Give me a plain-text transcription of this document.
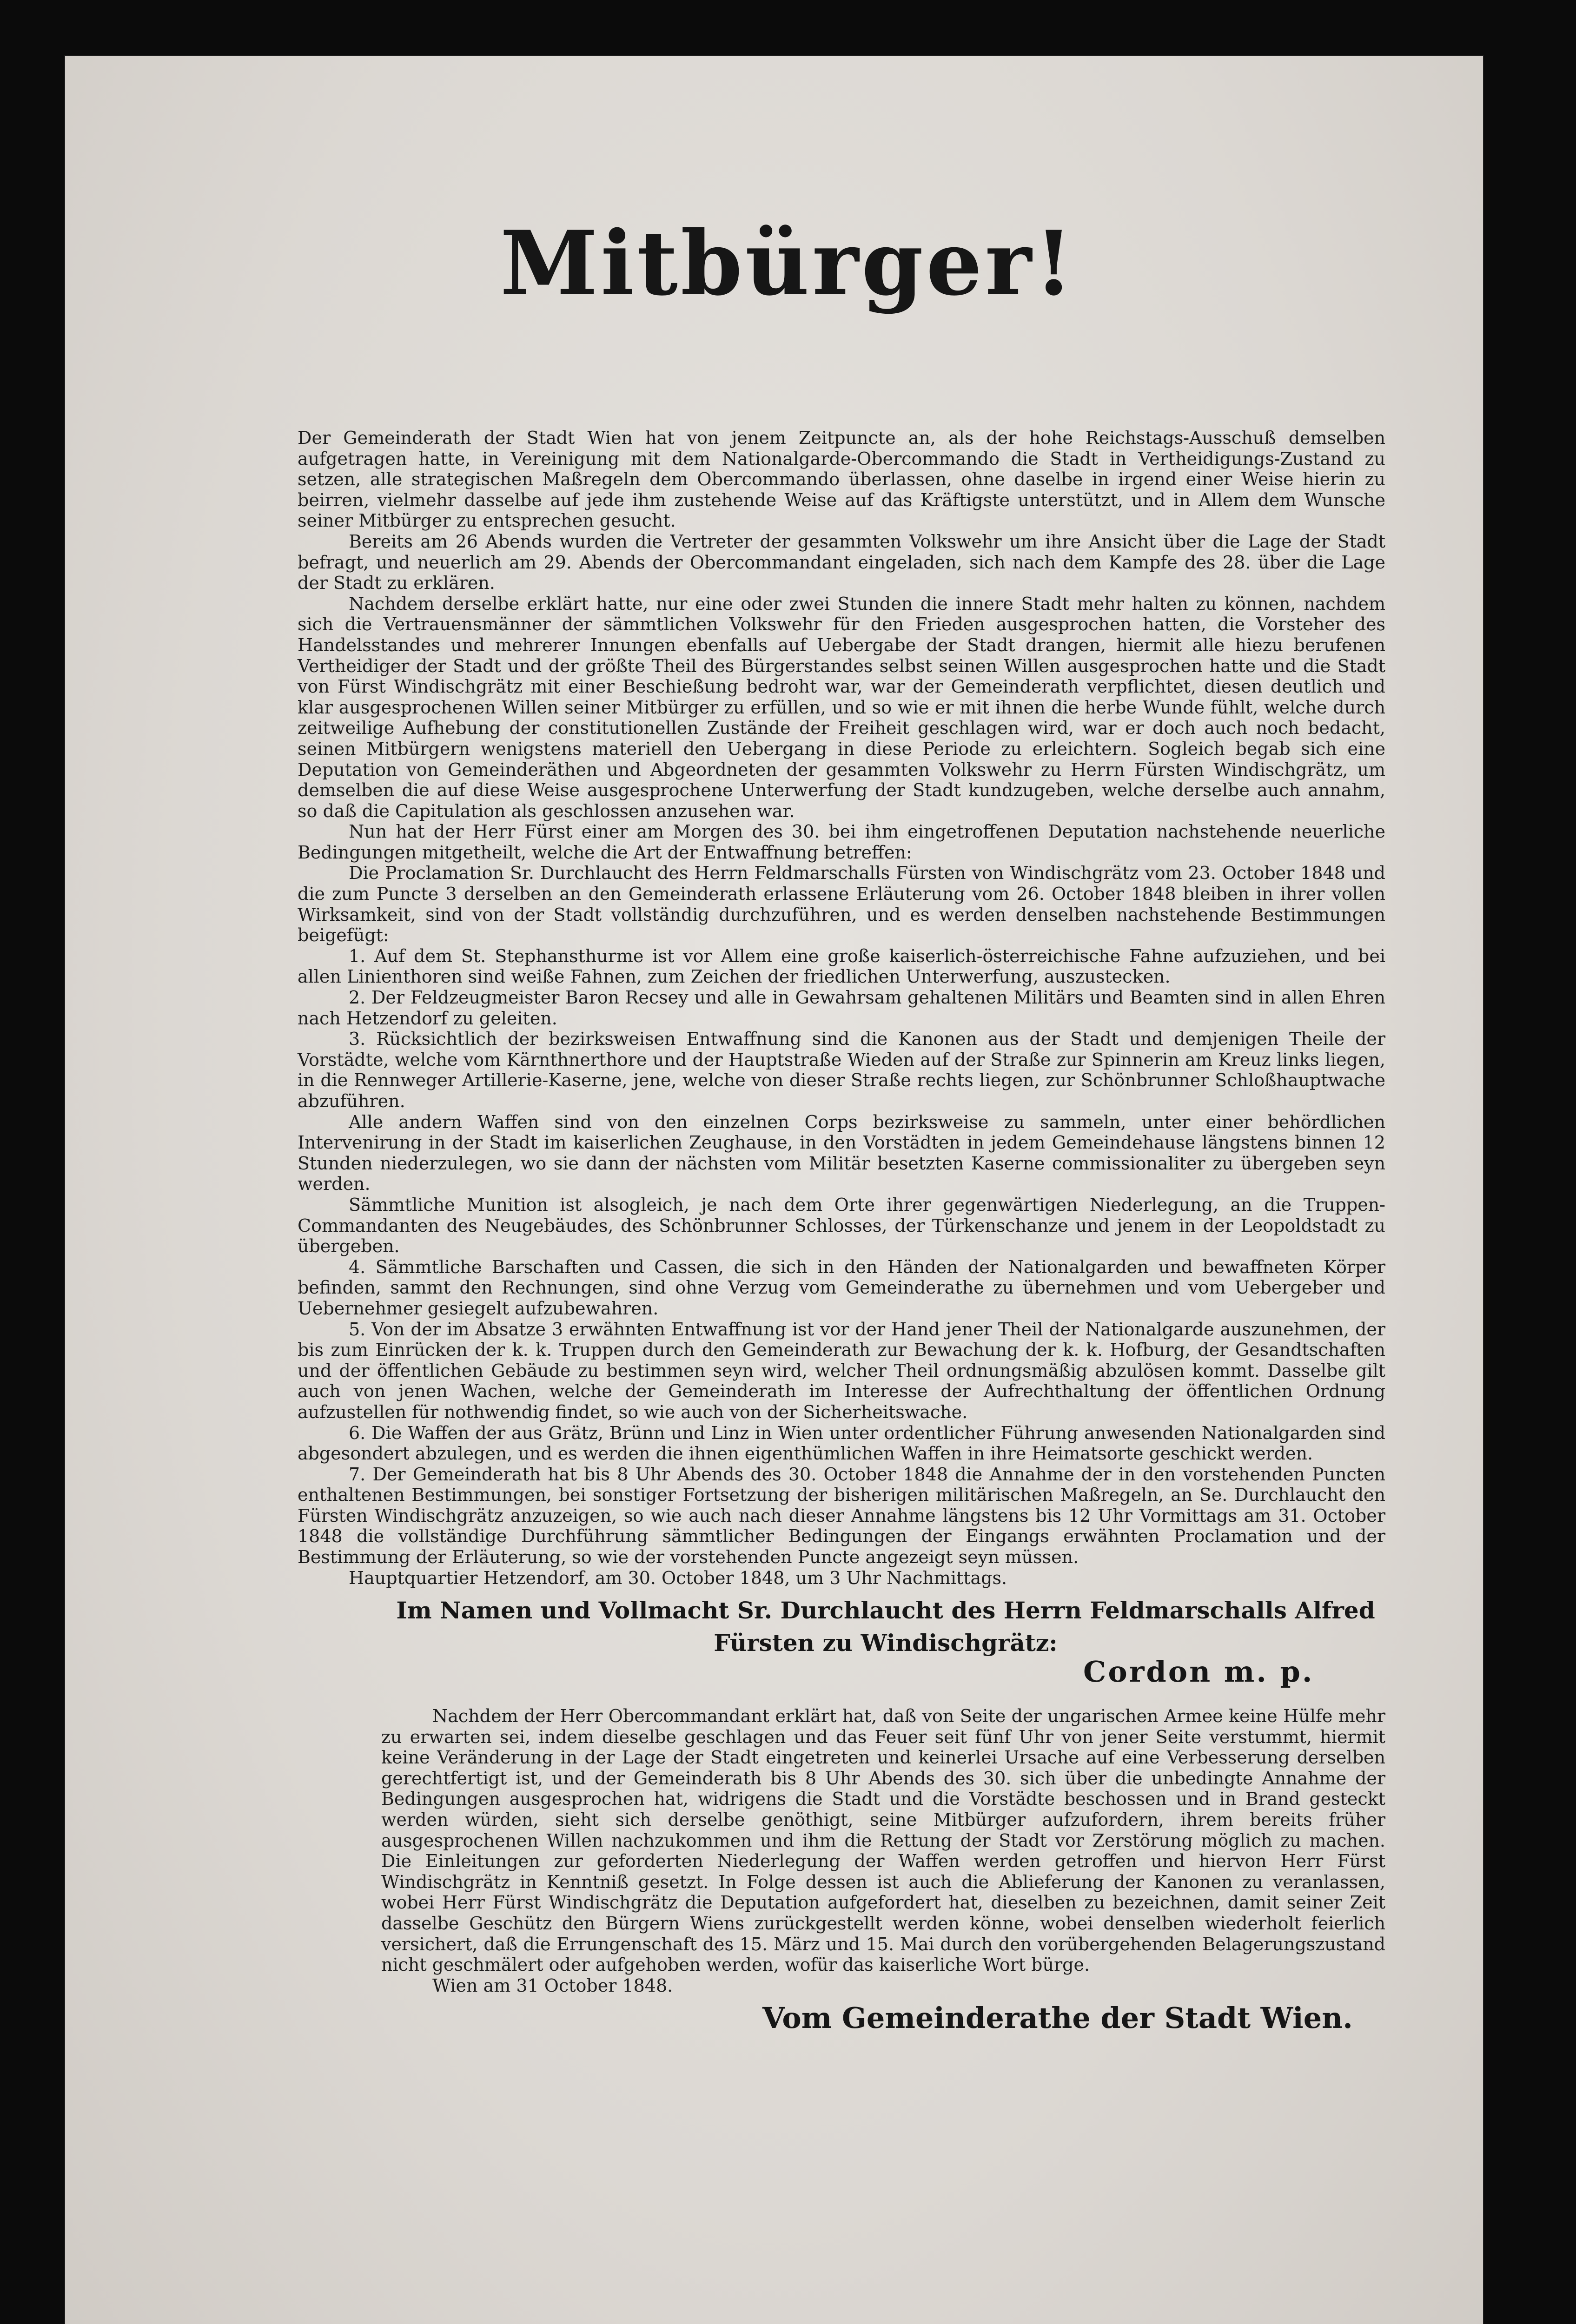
Mitbürger!

Der Gemeinderath der Stadt Wien hat von jenem Zeitpuncte an, als der hohe Reichstags-Ausschuß demselben aufgetragen hatte, in Vereinigung mit dem Nationalgarde-Obercommando die Stadt in Vertheidigungs-Zustand zu setzen, alle strategischen Maßregeln dem Obercommando überlassen, ohne daselbe in irgend einer Weise hierin zu beirren, vielmehr dasselbe auf jede ihm zustehende Weise auf das Kräftigste unterstützt, und in Allem dem Wunsche seiner Mitbürger zu entsprechen gesucht.

Bereits am 26 Abends wurden die Vertreter der gesammten Volkswehr um ihre Ansicht über die Lage der Stadt befragt, und neuerlich am 29. Abends der Obercommandant eingeladen, sich nach dem Kampfe des 28. über die Lage der Stadt zu erklären.

Nachdem derselbe erklärt hatte, nur eine oder zwei Stunden die innere Stadt mehr halten zu können, nachdem sich die Vertrauensmänner der sämmtlichen Volkswehr für den Frieden ausgesprochen hatten, die Vorsteher des Handelsstandes und mehrerer Innungen ebenfalls auf Uebergabe der Stadt drangen, hiermit alle hiezu berufenen Vertheidiger der Stadt und der größte Theil des Bürgerstandes selbst seinen Willen ausgesprochen hatte und die Stadt von Fürst Windischgrätz mit einer Beschießung bedroht war, war der Gemeinderath verpflichtet, diesen deutlich und klar ausgesprochenen Willen seiner Mitbürger zu erfüllen, und so wie er mit ihnen die herbe Wunde fühlt, welche durch zeitweilige Aufhebung der constitutionellen Zustände der Freiheit geschlagen wird, war er doch auch noch bedacht, seinen Mitbürgern wenigstens materiell den Uebergang in diese Periode zu erleichtern. Sogleich begab sich eine Deputation von Gemeinderäthen und Abgeordneten der gesammten Volkswehr zu Herrn Fürsten Windischgrätz, um demselben die auf diese Weise ausgesprochene Unterwerfung der Stadt kundzugeben, welche derselbe auch annahm, so daß die Capitulation als geschlossen anzusehen war.

Nun hat der Herr Fürst einer am Morgen des 30. bei ihm eingetroffenen Deputation nachstehende neuerliche Bedingungen mitgetheilt, welche die Art der Entwaffnung betreffen:

Die Proclamation Sr. Durchlaucht des Herrn Feldmarschalls Fürsten von Windischgrätz vom 23. October 1848 und die zum Puncte 3 derselben an den Gemeinderath erlassene Erläuterung vom 26. October 1848 bleiben in ihrer vollen Wirksamkeit, sind von der Stadt vollständig durchzuführen, und es werden denselben nachstehende Bestimmungen beigefügt:

1. Auf dem St. Stephansthurme ist vor Allem eine große kaiserlich-österreichische Fahne aufzuziehen, und bei allen Linienthoren sind weiße Fahnen, zum Zeichen der friedlichen Unterwerfung, auszustecken.

2. Der Feldzeugmeister Baron Recsey und alle in Gewahrsam gehaltenen Militärs und Beamten sind in allen Ehren nach Hetzendorf zu geleiten.

3. Rücksichtlich der bezirksweisen Entwaffnung sind die Kanonen aus der Stadt und demjenigen Theile der Vorstädte, welche vom Kärnthnerthore und der Hauptstraße Wieden auf der Straße zur Spinnerin am Kreuz links liegen, in die Rennweger Artillerie-Kaserne, jene, welche von dieser Straße rechts liegen, zur Schönbrunner Schloßhauptwache abzuführen.

Alle andern Waffen sind von den einzelnen Corps bezirksweise zu sammeln, unter einer behördlichen Intervenirung in der Stadt im kaiserlichen Zeughause, in den Vorstädten in jedem Gemeindehause längstens binnen 12 Stunden niederzulegen, wo sie dann der nächsten vom Militär besetzten Kaserne commissionaliter zu übergeben seyn werden.

Sämmtliche Munition ist alsogleich, je nach dem Orte ihrer gegenwärtigen Niederlegung, an die Truppen-Commandanten des Neugebäudes, des Schönbrunner Schlosses, der Türkenschanze und jenem in der Leopoldstadt zu übergeben.

4. Sämmtliche Barschaften und Cassen, die sich in den Händen der Nationalgarden und bewaffneten Körper befinden, sammt den Rechnungen, sind ohne Verzug vom Gemeinderathe zu übernehmen und vom Uebergeber und Uebernehmer gesiegelt aufzubewahren.

5. Von der im Absatze 3 erwähnten Entwaffnung ist vor der Hand jener Theil der Nationalgarde auszunehmen, der bis zum Einrücken der k. k. Truppen durch den Gemeinderath zur Bewachung der k. k. Hofburg, der Gesandtschaften und der öffentlichen Gebäude zu bestimmen seyn wird, welcher Theil ordnungsmäßig abzulösen kommt. Dasselbe gilt auch von jenen Wachen, welche der Gemeinderath im Interesse der Aufrechthaltung der öffentlichen Ordnung aufzustellen für nothwendig findet, so wie auch von der Sicherheitswache.

6. Die Waffen der aus Grätz, Brünn und Linz in Wien unter ordentlicher Führung anwesenden Nationalgarden sind abgesondert abzulegen, und es werden die ihnen eigenthümlichen Waffen in ihre Heimatsorte geschickt werden.

7. Der Gemeinderath hat bis 8 Uhr Abends des 30. October 1848 die Annahme der in den vorstehenden Puncten enthaltenen Bestimmungen, bei sonstiger Fortsetzung der bisherigen militärischen Maßregeln, an Se. Durchlaucht den Fürsten Windischgrätz anzuzeigen, so wie auch nach dieser Annahme längstens bis 12 Uhr Vormittags am 31. October 1848 die vollständige Durchführung sämmtlicher Bedingungen der Eingangs erwähnten Proclamation und der Bestimmung der Erläuterung, so wie der vorstehenden Puncte angezeigt seyn müssen.

Hauptquartier Hetzendorf, am 30. October 1848, um 3 Uhr Nachmittags.

Im Namen und Vollmacht Sr. Durchlaucht des Herrn Feldmarschalls Alfred Fürsten zu Windischgrätz:
Cordon m. p.

Nachdem der Herr Obercommandant erklärt hat, daß von Seite der ungarischen Armee keine Hülfe mehr zu erwarten sei, indem dieselbe geschlagen und das Feuer seit fünf Uhr von jener Seite verstummt, hiermit keine Veränderung in der Lage der Stadt eingetreten und keinerlei Ursache auf eine Verbesserung derselben gerechtfertigt ist, und der Gemeinderath bis 8 Uhr Abends des 30. sich über die unbedingte Annahme der Bedingungen ausgesprochen hat, widrigens die Stadt und die Vorstädte beschossen und in Brand gesteckt werden würden, sieht sich derselbe genöthigt, seine Mitbürger aufzufordern, ihrem bereits früher ausgesprochenen Willen nachzukommen und ihm die Rettung der Stadt vor Zerstörung möglich zu machen. Die Einleitungen zur geforderten Niederlegung der Waffen werden getroffen und hiervon Herr Fürst Windischgrätz in Kenntniß gesetzt. In Folge dessen ist auch die Ablieferung der Kanonen zu veranlassen, wobei Herr Fürst Windischgrätz die Deputation aufgefordert hat, dieselben zu bezeichnen, damit seiner Zeit dasselbe Geschütz den Bürgern Wiens zurückgestellt werden könne, wobei denselben wiederholt feierlich versichert, daß die Errungenschaft des 15. März und 15. Mai durch den vorübergehenden Belagerungszustand nicht geschmälert oder aufgehoben werden, wofür das kaiserliche Wort bürge.

Wien am 31 October 1848.

Vom Gemeinderathe der Stadt Wien.
